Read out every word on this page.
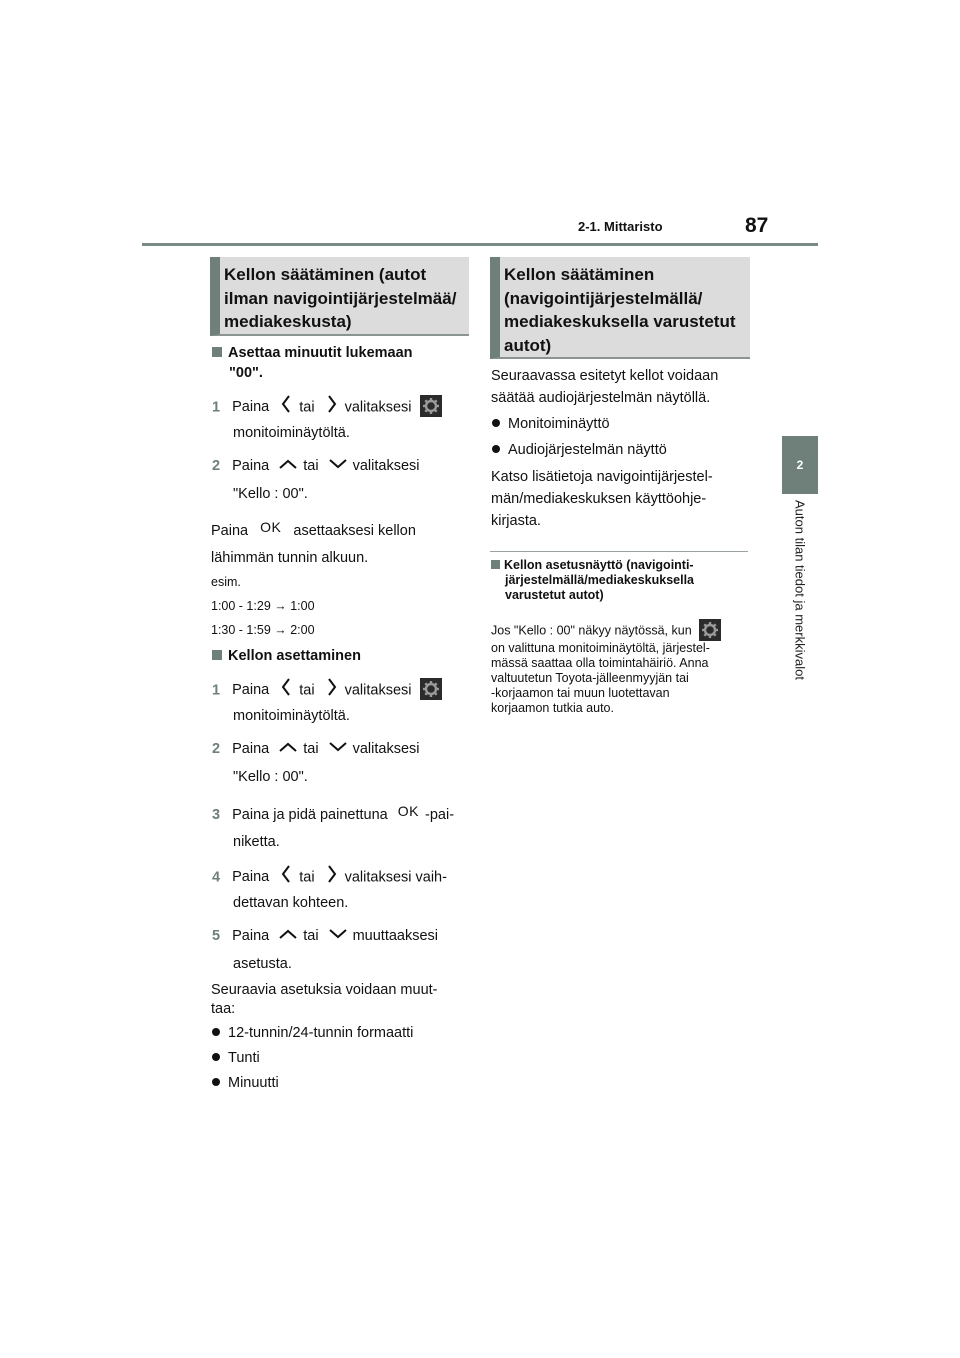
2-1. Mittaristo	87
2
Auton tilan tiedot ja merkkivalot
Kellon säätäminen (autot
ilman navigointijärjestelmää/
mediakeskusta)
Asettaa minuutit lukemaan
"00".
1 Paina tai valitaksesi
monitoiminäytöltä.
2 Paina tai valitaksesi
"Kello : 00".
Paina OK asettaaksesi kellon
lähimmän tunnin alkuun.
esim.
1:00 - 1:29 → 1:00
1:30 - 1:59 → 2:00
Kellon asettaminen
1 Paina tai valitaksesi
monitoiminäytöltä.
2 Paina tai valitaksesi
"Kello : 00".
3 Paina ja pidä painettuna OK -pai-
niketta.
4 Paina tai valitaksesi vaih-
dettavan kohteen.
5 Paina tai muuttaaksesi
asetusta.
Seuraavia asetuksia voidaan muut-
taa:
12-tunnin/24-tunnin formaatti
Tunti
Minuutti
Kellon säätäminen
(navigointijärjestelmällä/
mediakeskuksella varustetut
autot)
Seuraavassa esitetyt kellot voidaan
säätää audiojärjestelmän näytöllä.
Monitoiminäyttö
Audiojärjestelmän näyttö
Katso lisätietoja navigointijärjestel-
män/mediakeskuksen käyttöohje-
kirjasta.
Kellon asetusnäyttö (navigointi-
järjestelmällä/mediakeskuksella
varustetut autot)
Jos "Kello : 00" näkyy näytössä, kun
on valittuna monitoiminäytöltä, järjestel-
mässä saattaa olla toimintahäiriö. Anna
valtuutetun Toyota-jälleenmyyjän tai
-korjaamon tai muun luotettavan
korjaamon tutkia auto.
